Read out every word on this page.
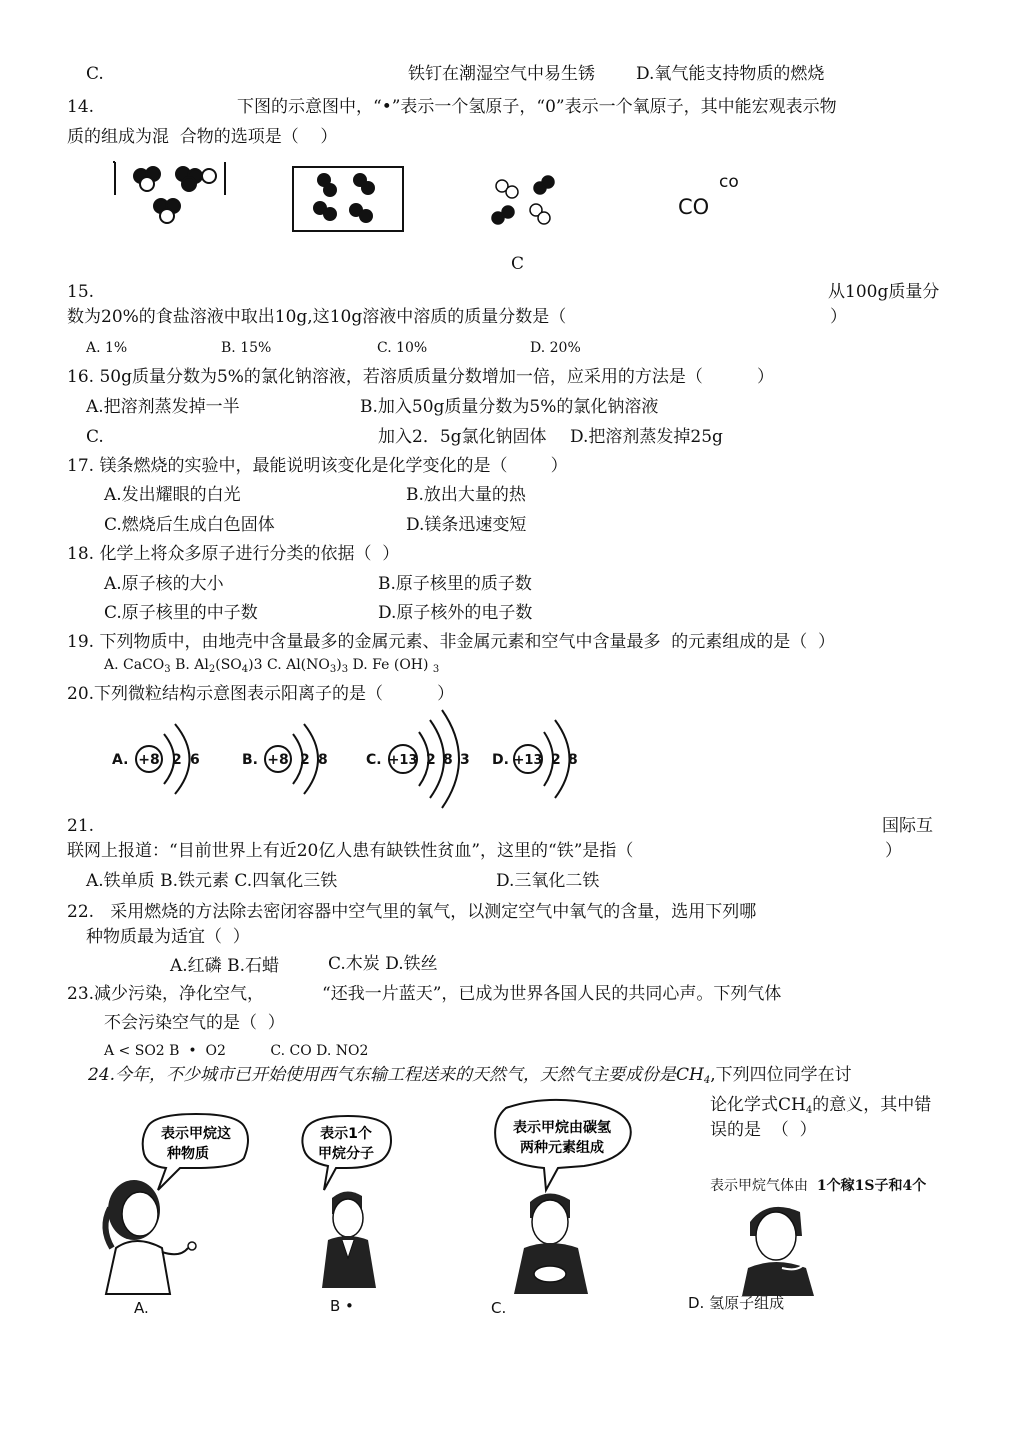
C.	铁钉在潮湿空气中易生锈 D.氧气能支持物质的燃烧
14.	下图的示意图中，“•”表示一个氢原子，“0”表示一个氧原子，其中能宏观表示物
质的组成为混  合物的选项是（    ）
CO
co
C
15.	从100g质量分
数为20%的食盐溶液中取出10g,这10g溶液中溶质的质量分数是（	）
A. 1%	B. 15%	C. 10%	D. 20%
16. 50g质量分数为5%的氯化钠溶液，若溶质质量分数增加一倍，应采用的方法是（          ）
A.把溶剂蒸发掉一半	B.加入50g质量分数为5%的氯化钠溶液
C.	加入2．5g氯化钠固体 D.把溶剂蒸发掉25g
17. 镁条燃烧的实验中，最能说明该变化是化学变化的是（        ）
A.发出耀眼的白光	B.放出大量的热
C.燃烧后生成白色固体	D.镁条迅速变短
18. 化学上将众多原子进行分类的依据（  ）
A.原子核的大小	B.原子核里的质子数
C.原子核里的中子数	D.原子核外的电子数
19. 下列物质中，由地壳中含量最多的金属元素、非金属元素和空气中含量最多  的元素组成的是（  ）
A. CaCO$_3$ B. $Al_2(SO_4)3$ C. $Al(NO_3)_3$ D. Fe (OH) $_3$
20.下列微粒结构示意图表示阳离子的是（          ）
A. +8 2 6	B. +8 2 8	C. +13 2 8 3 D. +13 2 8
21.	国际互
联网上报道：“目前世界上有近20亿人患有缺铁性贫血”，这里的“铁”是指（	）
A.铁单质 B.铁元素 C.四氧化三铁	D.三氧化二铁
22.   采用燃烧的方法除去密闭容器中空气里的氧气，以测定空气中氧气的含量，选用下列哪
种物质最为适宜（  ）
A.红磷 B.石蜡	C.木炭 D.铁丝
23.减少污染，净化空气，	“还我一片蓝天”，已成为世界各国人民的共同心声。下列气体
不会污染空气的是（  ）
A < SO2 B  •  O2          C. CO D. NO2
24.今年，不少城市已开始使用西气东输工程送来的天然气，天然气主要成份是$CH_4$,下列四位同学在讨
论化学式$CH_4$的意义，其中错
误的是  （  ）
表示甲烷这
种物质
表示1个
甲烷分子
表示甲烷由碳氢
两种元素组成
表示甲烷气体由  1个稼1S子和4个
A.	B •	C.	D. 氢原子组成
